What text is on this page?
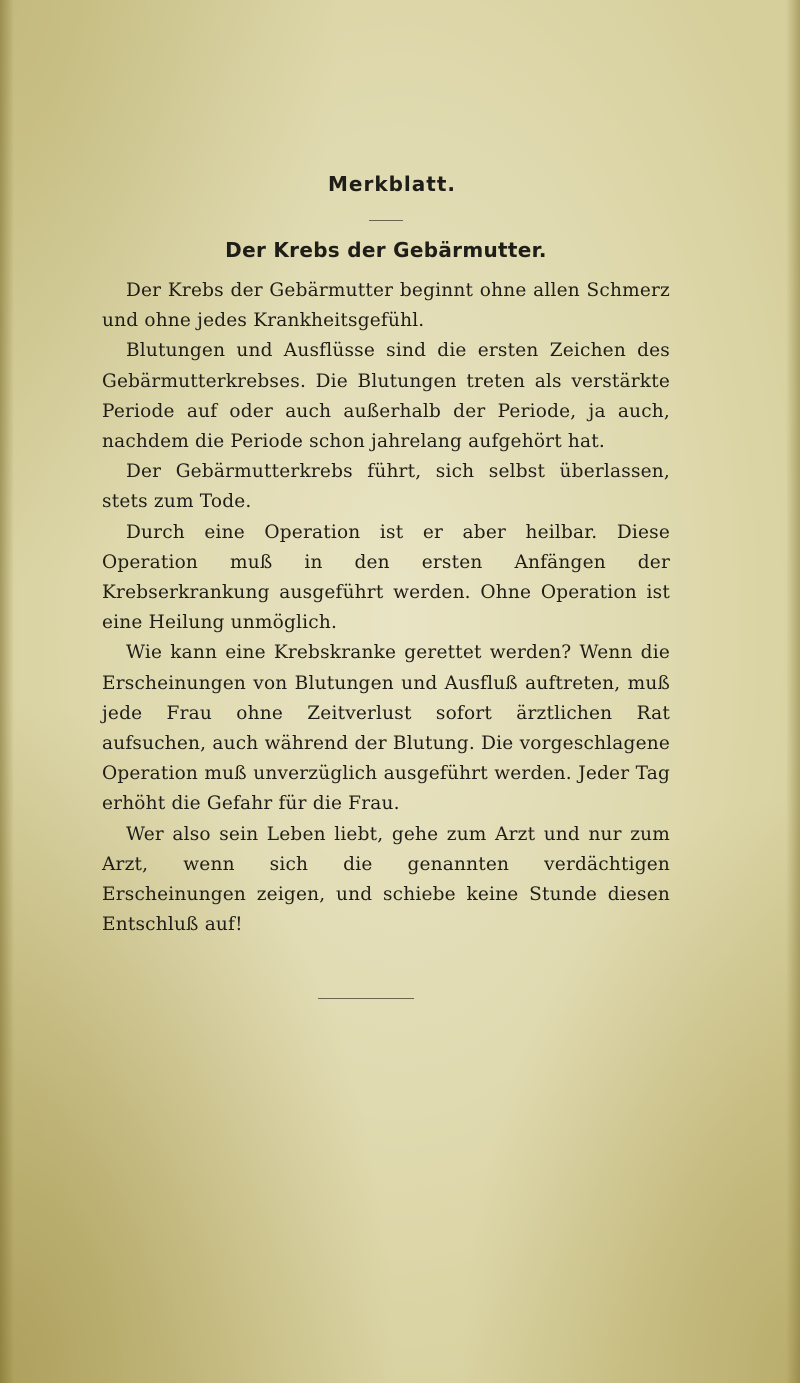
Merkblatt.
Der Krebs der Gebärmutter.

Der Krebs der Gebärmutter beginnt ohne allen Schmerz und ohne jedes Krankheitsgefühl.

Blutungen und Ausflüsse sind die ersten Zeichen des Gebärmutterkrebses. Die Blutungen treten als verstärkte Periode auf oder auch außerhalb der Periode, ja auch, nachdem die Periode schon jahrelang aufgehört hat.

Der Gebärmutterkrebs führt, sich selbst überlassen, stets zum Tode.

Durch eine Operation ist er aber heilbar. Diese Operation muß in den ersten Anfängen der Krebserkrankung ausgeführt werden. Ohne Operation ist eine Heilung unmöglich.

Wie kann eine Krebskranke gerettet werden? Wenn die Erscheinungen von Blutungen und Ausfluß auftreten, muß jede Frau ohne Zeitverlust sofort ärztlichen Rat aufsuchen, auch während der Blutung. Die vorgeschlagene Operation muß unverzüglich ausgeführt werden. Jeder Tag erhöht die Gefahr für die Frau.

Wer also sein Leben liebt, gehe zum Arzt und nur zum Arzt, wenn sich die genannten verdächtigen Erscheinungen zeigen, und schiebe keine Stunde diesen Entschluß auf!
